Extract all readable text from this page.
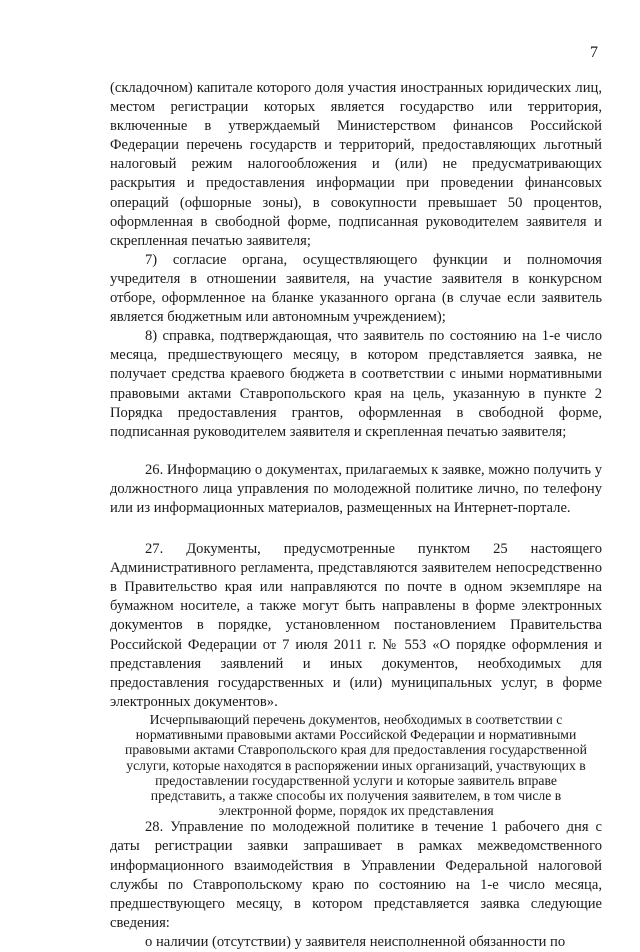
7

(складочном) капитале которого доля участия иностранных юридических лиц, местом регистрации которых является государство или территория, включенные в утверждаемый Министерством финансов Российской Федерации перечень государств и территорий, предоставляющих льготный налоговый режим налогообложения и (или) не предусматривающих раскрытия и предоставления информации при проведении финансовых операций (офшорные зоны), в совокупности превышает 50 процентов, оформленная в свободной форме, подписанная руководителем заявителя и скрепленная печатью заявителя;

7) согласие органа, осуществляющего функции и полномочия учредителя в отношении заявителя, на участие заявителя в конкурсном отборе, оформленное на бланке указанного органа (в случае если заявитель является бюджетным или автономным учреждением);

8) справка, подтверждающая, что заявитель по состоянию на 1-е число месяца, предшествующего месяцу, в котором представляется заявка, не получает средства краевого бюджета в соответствии с иными нормативными правовыми актами Ставропольского края на цель, указанную в пункте 2 Порядка предоставления грантов, оформленная в свободной форме, подписанная руководителем заявителя и скрепленная печатью заявителя;

26. Информацию о документах, прилагаемых к заявке, можно получить у должностного лица управления по молодежной политике лично, по телефону или из информационных материалов, размещенных на Интернет-портале.

27. Документы, предусмотренные пунктом 25 настоящего Административного регламента, представляются заявителем непосредственно в Правительство края или направляются по почте в одном экземпляре на бумажном носителе, а также могут быть направлены в форме электронных документов в порядке, установленном постановлением Правительства Российской Федерации от 7 июля 2011 г. № 553 «О порядке оформления и представления заявлений и иных документов, необходимых для предоставления государственных и (или) муниципальных услуг, в форме электронных документов».

Исчерпывающий перечень документов, необходимых в соответствии с нормативными правовыми актами Российской Федерации и нормативными правовыми актами Ставропольского края для предоставления государственной услуги, которые находятся в распоряжении иных организаций, участвующих в предоставлении государственной услуги и которые заявитель вправе представить, а также способы их получения заявителем, в том числе в электронной форме, порядок их представления

28. Управление по молодежной политике в течение 1 рабочего дня с даты регистрации заявки запрашивает в рамках межведомственного информационного взаимодействия в Управлении Федеральной налоговой службы по Ставропольскому краю по состоянию на 1-е число месяца, предшествующего месяцу, в котором представляется заявка следующие сведения:

о наличии (отсутствии) у заявителя неисполненной обязанности по
